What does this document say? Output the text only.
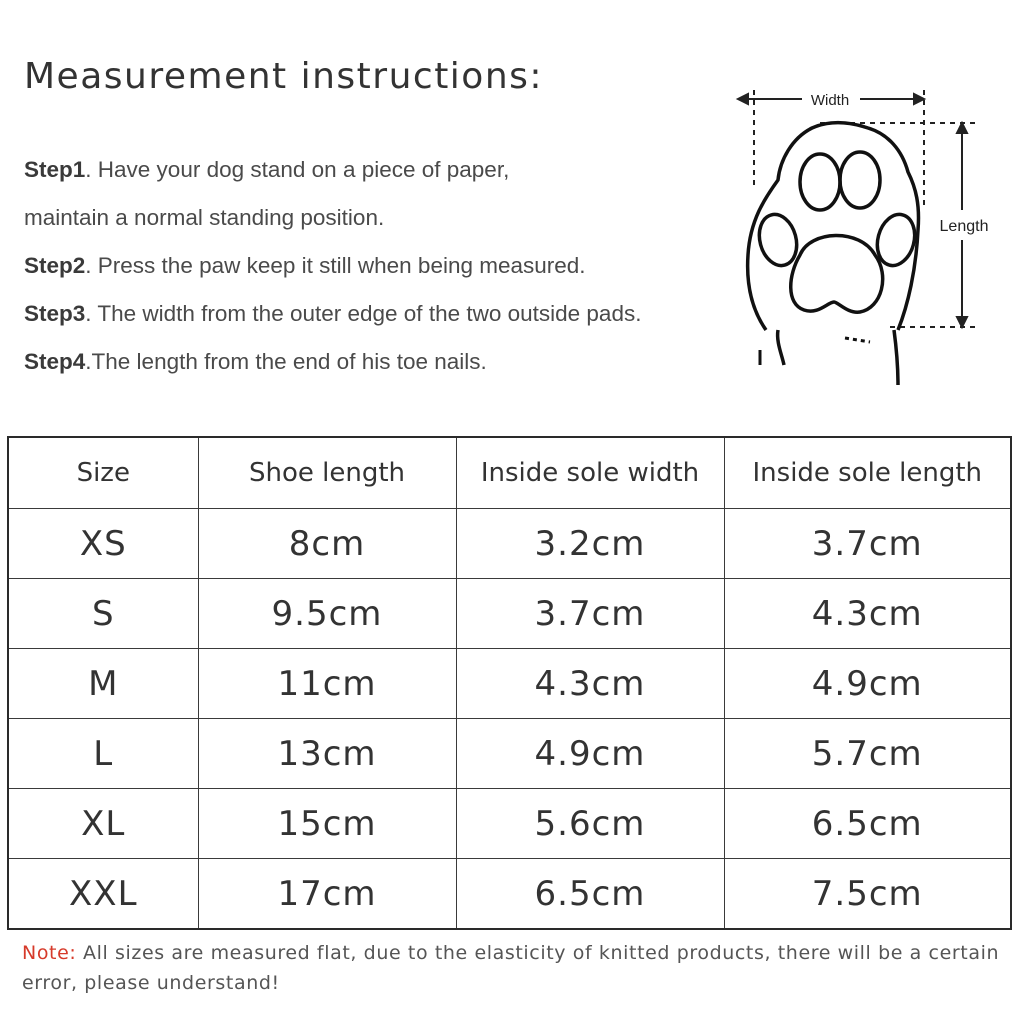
Measurement instructions:
Step1. Have your dog stand on a piece of paper,
maintain a normal standing position.
Step2. Press the paw keep it still when being measured.
Step3. The width from the outer edge of the two outside pads.
Step4.The length from the end of his toe nails.
Width
Length
Size	Shoe length	Inside sole width	Inside sole length
XS	8cm	3.2cm	3.7cm
S	9.5cm	3.7cm	4.3cm
M	11cm	4.3cm	4.9cm
L	13cm	4.9cm	5.7cm
XL	15cm	5.6cm	6.5cm
XXL	17cm	6.5cm	7.5cm
Note: All sizes are measured flat, due to the elasticity of knitted products, there will be a certain error, please understand!
